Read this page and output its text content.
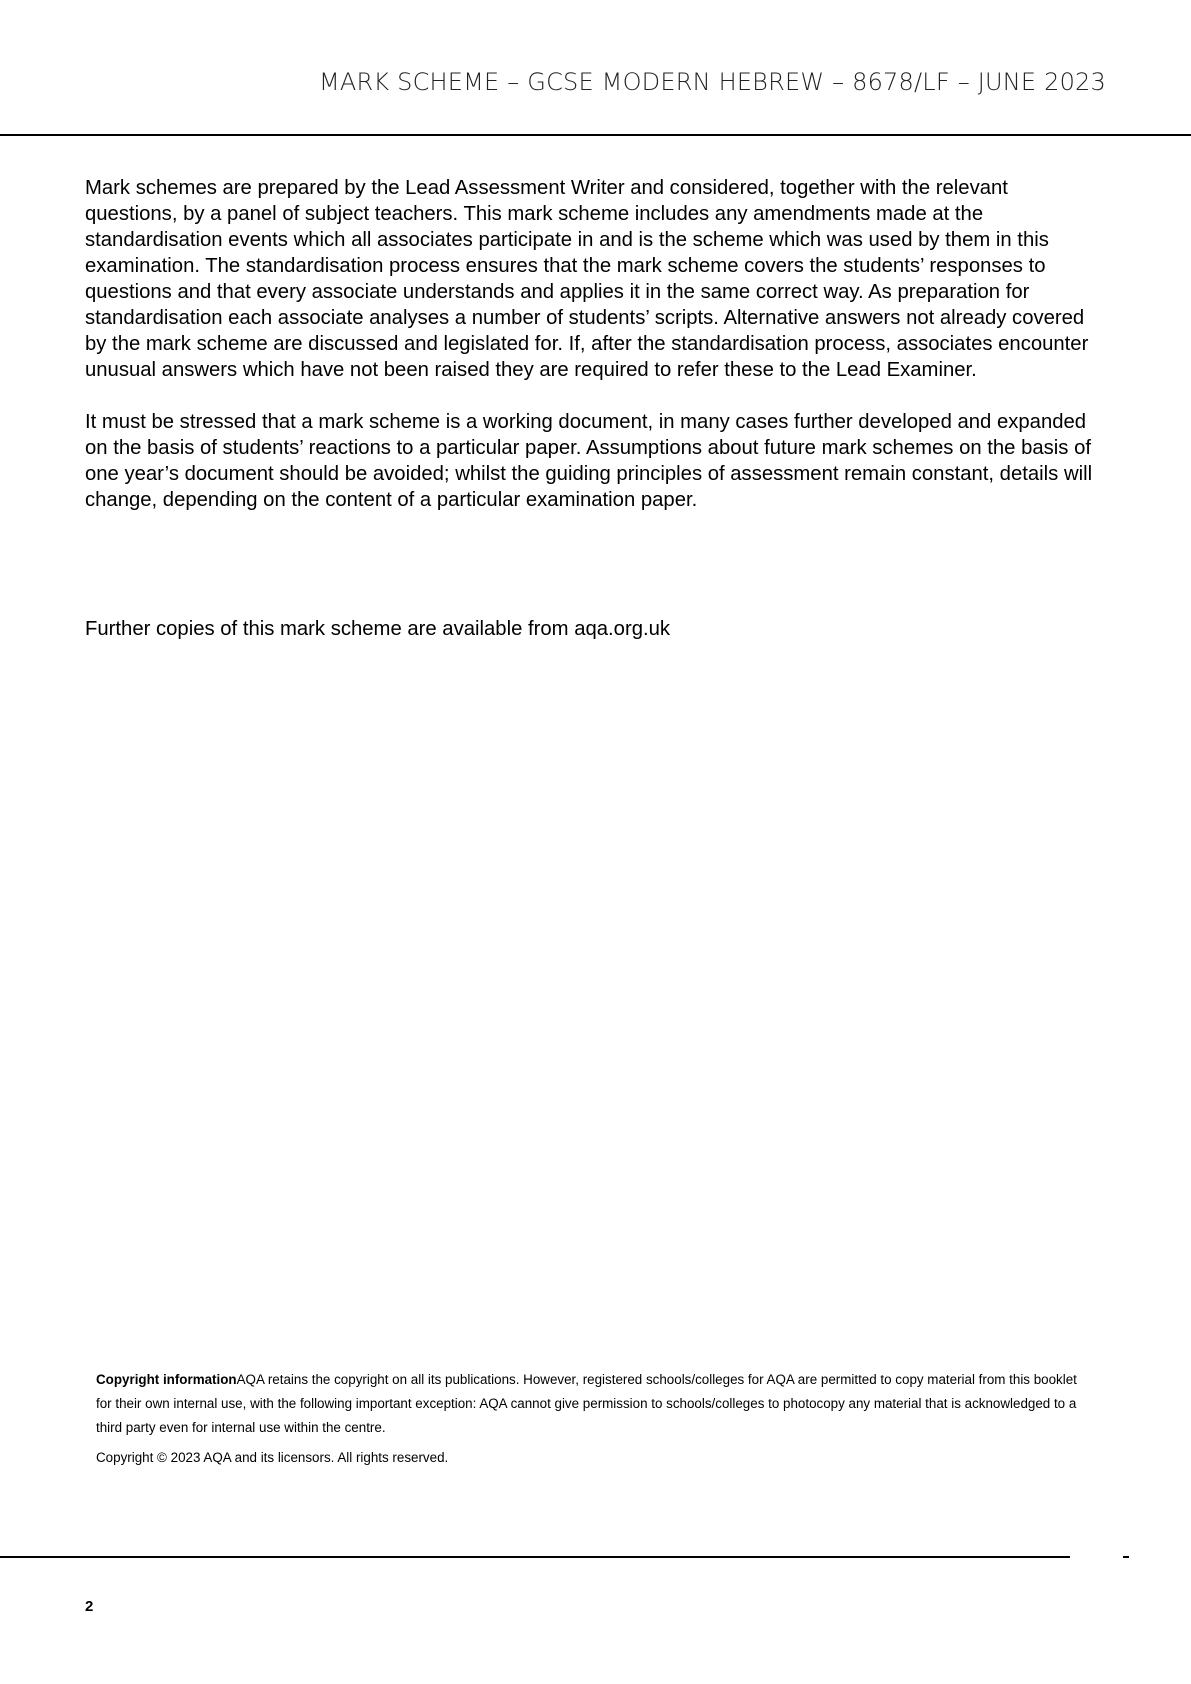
MARK SCHEME – GCSE MODERN HEBREW – 8678/LF – JUNE 2023

Mark schemes are prepared by the Lead Assessment Writer and considered, together with the relevant questions, by a panel of subject teachers. This mark scheme includes any amendments made at the standardisation events which all associates participate in and is the scheme which was used by them in this examination. The standardisation process ensures that the mark scheme covers the students’ responses to questions and that every associate understands and applies it in the same correct way. As preparation for standardisation each associate analyses a number of students’ scripts. Alternative answers not already covered by the mark scheme are discussed and legislated for. If, after the standardisation process, associates encounter unusual answers which have not been raised they are required to refer these to the Lead Examiner.

It must be stressed that a mark scheme is a working document, in many cases further developed and expanded on the basis of students’ reactions to a particular paper. Assumptions about future mark schemes on the basis of one year’s document should be avoided; whilst the guiding principles of assessment remain constant, details will change, depending on the content of a particular examination paper.

Further copies of this mark scheme are available from aqa.org.uk

Copyright informationAQA retains the copyright on all its publications. However, registered schools/colleges for AQA are permitted to copy material from this booklet for their own internal use, with the following important exception: AQA cannot give permission to schools/colleges to photocopy any material that is acknowledged to a third party even for internal use within the centre.

Copyright © 2023 AQA and its licensors. All rights reserved.

2
